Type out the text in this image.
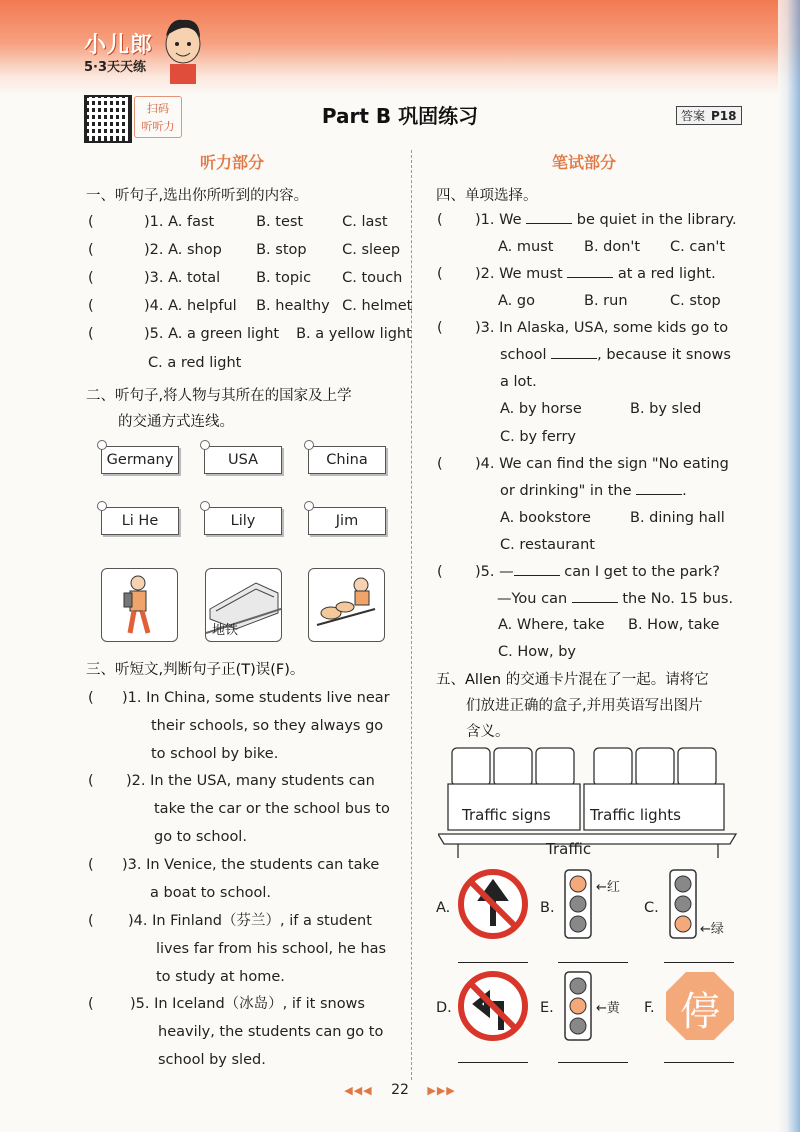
小儿郎
5·3天天练
扫码
听听力	Part B 巩固练习	答案 P18
听力部分
一、听句子,选出你所听到的内容。
(	)1. A. fast	B. test	C. last
(	)2. A. shop B. stop C. sleep
(	)3. A. total B. topic C. touch
(	)4. A. helpful B. healthy C. helmet
(	)5. A. a green light B. a yellow light
C. a red light
二、听句子,将人物与其所在的国家及上学
的交通方式连线。
Germany	USA	China
Li He	Lily	Jim
地铁
三、听短文,判断句子正(T)误(F)。
( )1. In China, some students live near
their schools, so they always go
to school by bike.
( )2. In the USA, many students can
take the car or the school bus to
go to school.
( )3. In Venice, the students can take
a boat to school.
( )4. In Finland（芬兰）, if a student
lives far from his school, he has
to study at home.
(	)5. In Iceland（冰岛）, if it snows
heavily, the students can go to
school by sled.
笔试部分
四、单项选择。
( )1. We	be quiet in the library.
A. must B. don't C. can't
( )2. We must	at a red light.
A. go	B. run	C. stop
( )3. In Alaska, USA, some kids go to
school	, because it snows
a lot.
A. by horse	B. by sled
C. by ferry
( )4. We can find the sign "No eating
or drinking" in the	.
A. bookstore	B. dining hall
C. restaurant
( )5. —	can I get to the park?
—You can	the No. 15 bus.
A. Where, take B. How, take
C. How, by
五、Allen 的交通卡片混在了一起。请将它
们放进正确的盒子,并用英语写出图片
含义。
Traffic signs	Traffic lights
Traffic
A.	B.
←红
C.
←绿
D.	E.	←黄 F. 停
◀◀◀ 22 ▶▶▶
